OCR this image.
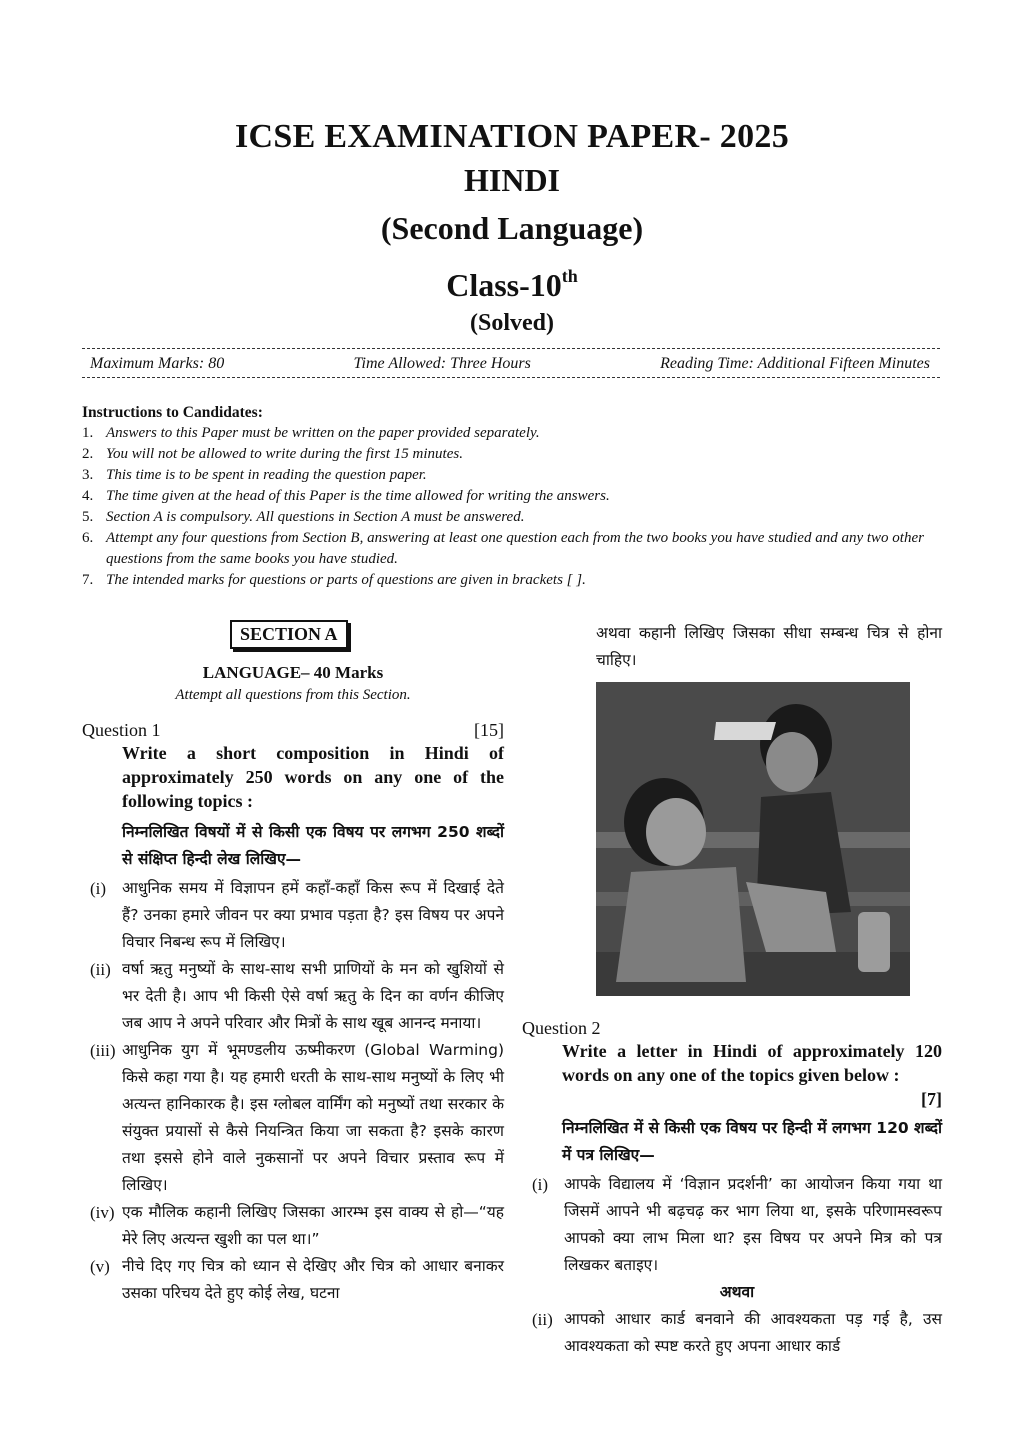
ICSE EXAMINATION PAPER- 2025
HINDI
(Second Language)
Class-10th
(Solved)
Maximum Marks: 80	Time Allowed: Three Hours	Reading Time: Additional Fifteen Minutes
Instructions to Candidates:
1. Answers to this Paper must be written on the paper provided separately.
2. You will not be allowed to write during the first 15 minutes.
3. This time is to be spent in reading the question paper.
4. The time given at the head of this Paper is the time allowed for writing the answers.
5. Section A is compulsory. All questions in Section A must be answered.
6. Attempt any four questions from Section B, answering at least one question each from the two books you have studied and any two other questions from the same books you have studied.
7. The intended marks for questions or parts of questions are given in brackets [ ].
SECTION A
LANGUAGE– 40 Marks
Attempt all questions from this Section.
Question 1	[15]
Write a short composition in Hindi of approximately 250 words on any one of the following topics :
निम्नलिखित विषयों में से किसी एक विषय पर लगभग 250 शब्दों से संक्षिप्त हिन्दी लेख लिखिए—
(i)	आधुनिक समय में विज्ञापन हमें कहाँ-कहाँ किस रूप में दिखाई देते हैं? उनका हमारे जीवन पर क्या प्रभाव पड़ता है? इस विषय पर अपने विचार निबन्ध रूप में लिखिए।
(ii) वर्षा ऋतु मनुष्यों के साथ-साथ सभी प्राणियों के मन को खुशियों से भर देती है। आप भी किसी ऐसे वर्षा ऋतु के दिन का वर्णन कीजिए जब आप ने अपने परिवार और मित्रों के साथ खूब आनन्द मनाया।
(iii) आधुनिक युग में भूमण्डलीय ऊष्मीकरण (Global Warming) किसे कहा गया है। यह हमारी धरती के साथ-साथ मनुष्यों के लिए भी अत्यन्त हानिकारक है। इस ग्लोबल वार्मिंग को मनुष्यों तथा सरकार के संयुक्त प्रयासों से कैसे नियन्त्रित किया जा सकता है? इसके कारण तथा इससे होने वाले नुकसानों पर अपने विचार प्रस्ताव रूप में लिखिए।
(iv) एक मौलिक कहानी लिखिए जिसका आरम्भ इस वाक्य से हो—“यह मेरे लिए अत्यन्त खुशी का पल था।”
(v) नीचे दिए गए चित्र को ध्यान से देखिए और चित्र को आधार बनाकर उसका परिचय देते हुए कोई लेख, घटना
अथवा कहानी लिखिए जिसका सीधा सम्बन्ध चित्र से होना चाहिए।
Question 2
Write a letter in Hindi of approximately 120 words on any one of the topics given below :
[7]
निम्नलिखित में से किसी एक विषय पर हिन्दी में लगभग 120 शब्दों में पत्र लिखिए—
(i)	आपके विद्यालय में ‘विज्ञान प्रदर्शनी’ का आयोजन किया गया था जिसमें आपने भी बढ़चढ़ कर भाग लिया था, इसके परिणामस्वरूप आपको क्या लाभ मिला था? इस विषय पर अपने मित्र को पत्र लिखकर बताइए।
अथवा
(ii) आपको आधार कार्ड बनवाने की आवश्यकता पड़ गई है, उस आवश्यकता को स्पष्ट करते हुए अपना आधार कार्ड
